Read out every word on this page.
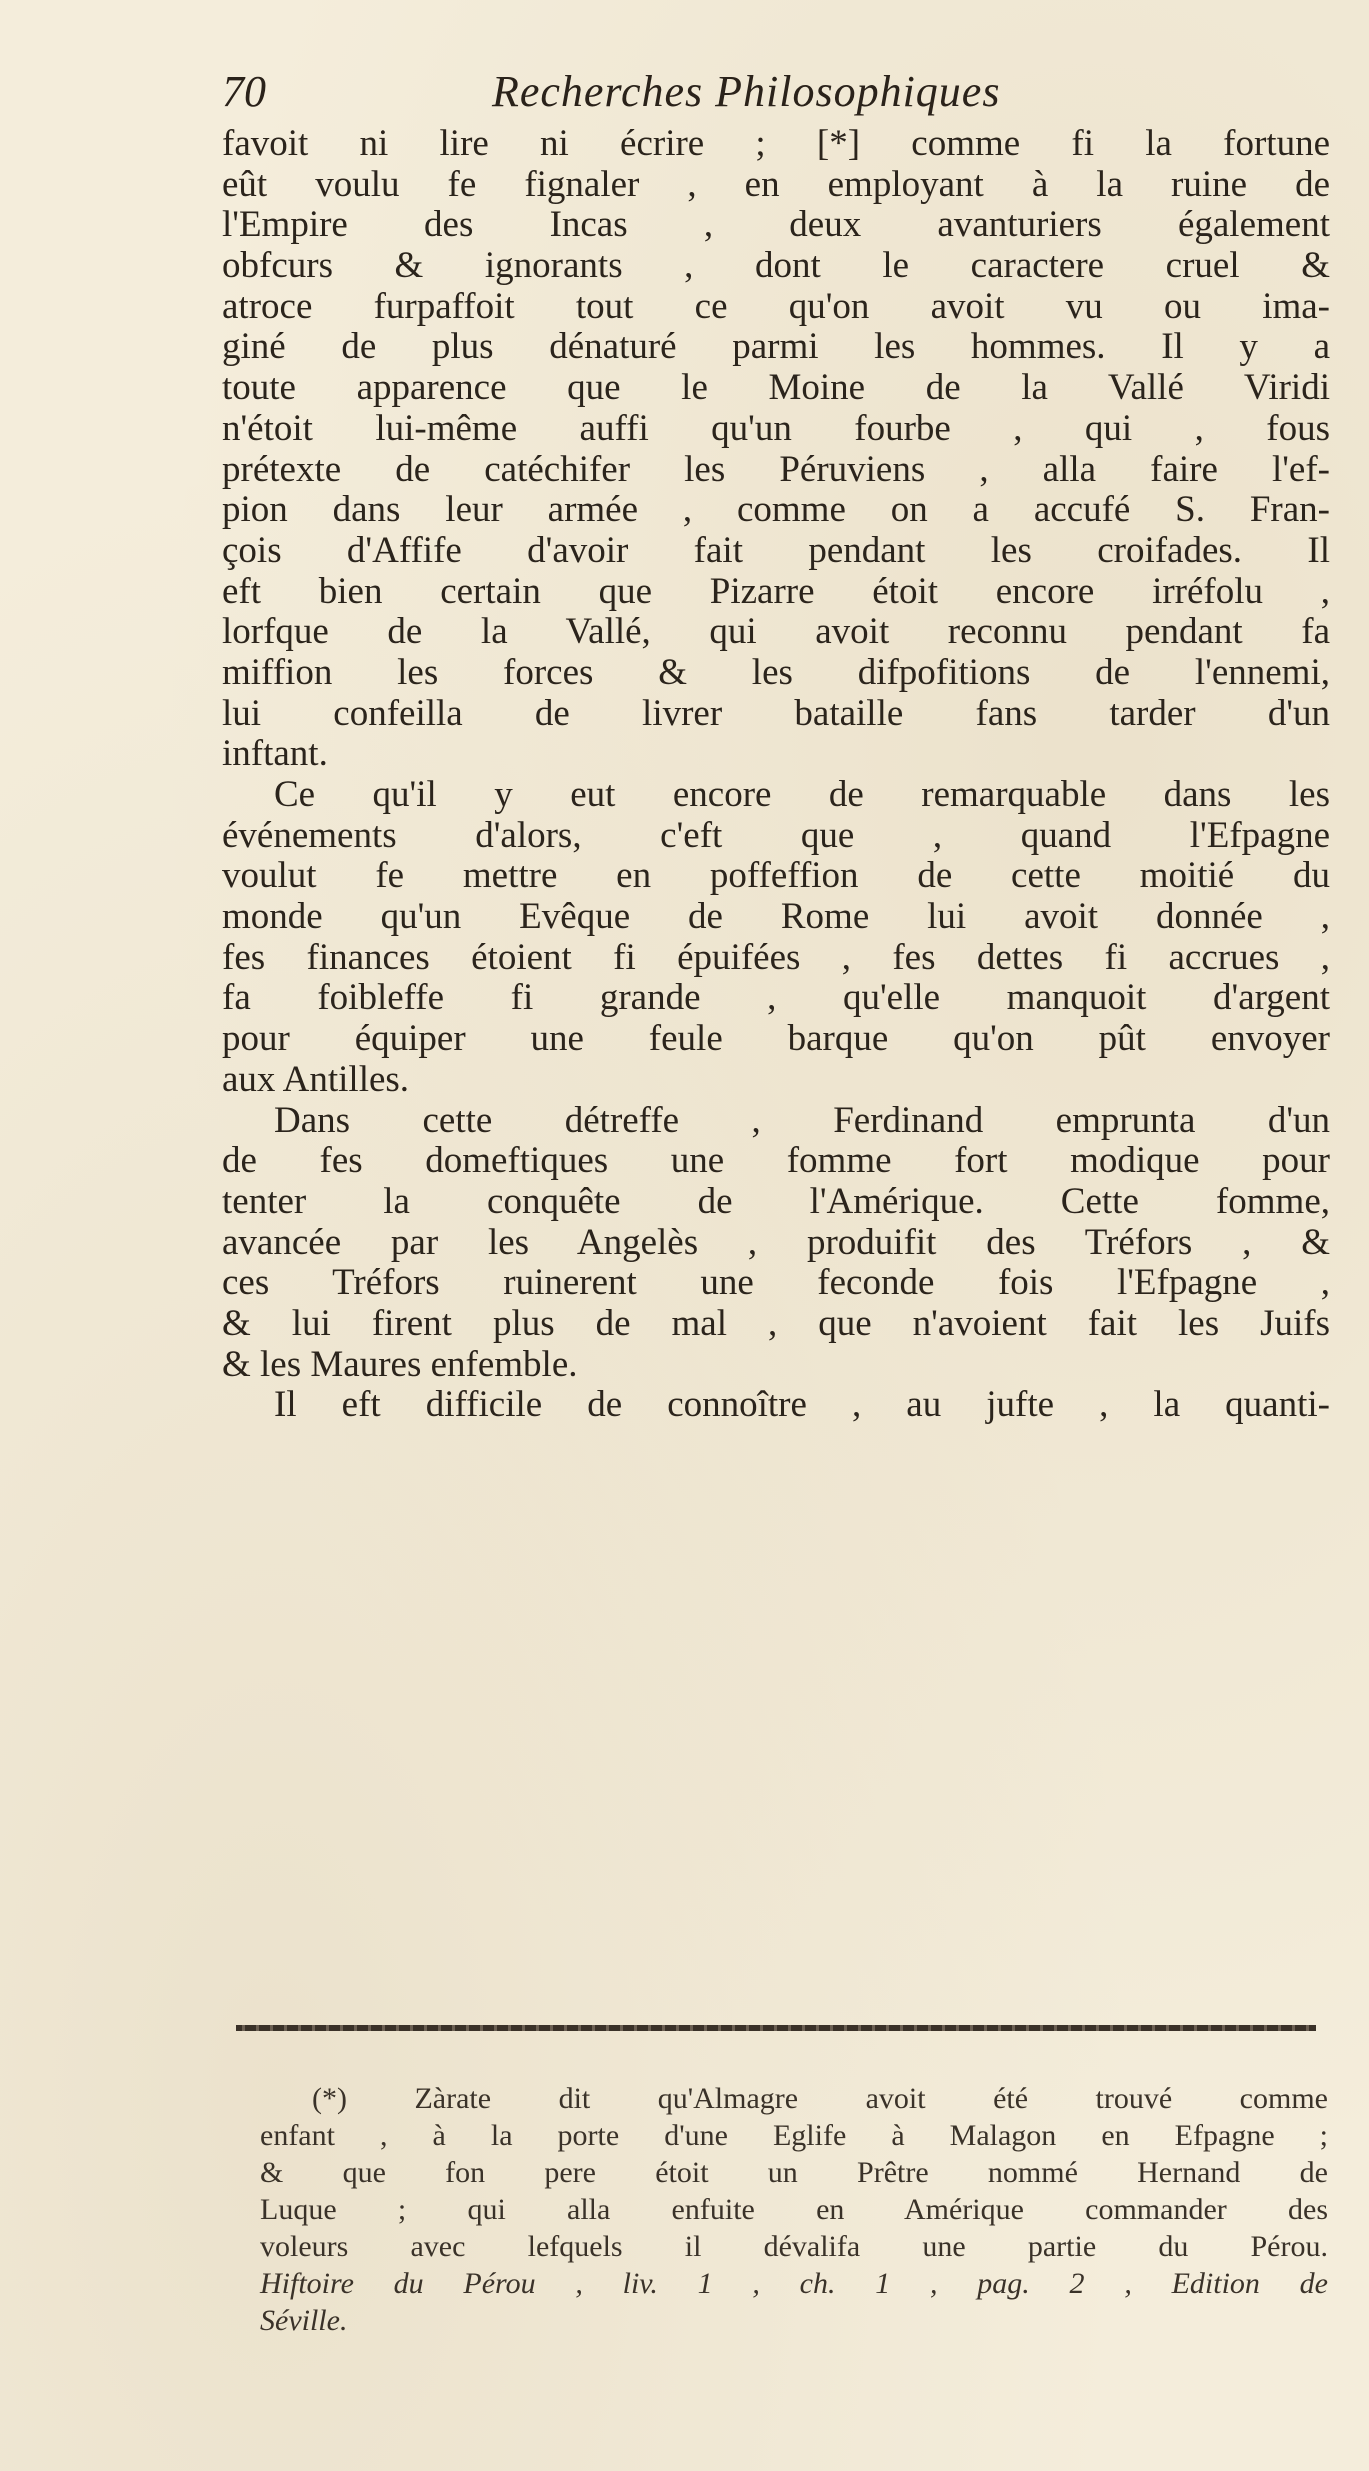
70	Recherches Philosophiques
favoit ni lire ni écrire ; [*] comme fi la fortune
eût voulu fe fignaler , en employant à la ruine de
l'Empire des Incas , deux avanturiers également
obfcurs & ignorants , dont le caractere cruel &
atroce furpaffoit tout ce qu'on avoit vu ou ima-
giné de plus dénaturé parmi les hommes. Il y a
toute apparence que le Moine de la Vallé Viridi
n'étoit lui-même auffi qu'un fourbe , qui , fous
prétexte de catéchifer les Péruviens , alla faire l'ef-
pion dans leur armée , comme on a accufé S. Fran-
çois d'Affife d'avoir fait pendant les croifades. Il
eft bien certain que Pizarre étoit encore irréfolu ,
lorfque de la Vallé, qui avoit reconnu pendant fa
miffion les forces & les difpofitions de l'ennemi,
lui confeilla de livrer bataille fans tarder d'un
inftant.
Ce qu'il y eut encore de remarquable dans les
événements d'alors, c'eft que , quand l'Efpagne
voulut fe mettre en poffeffion de cette moitié du
monde qu'un Evêque de Rome lui avoit donnée ,
fes finances étoient fi épuifées , fes dettes fi accrues ,
fa foibleffe fi grande , qu'elle manquoit d'argent
pour équiper une feule barque qu'on pût envoyer
aux Antilles.
Dans cette détreffe , Ferdinand emprunta d'un
de fes domeftiques une fomme fort modique pour
tenter la conquête de l'Amérique. Cette fomme,
avancée par les Angelès , produifit des Tréfors , &
ces Tréfors ruinerent une feconde fois l'Efpagne ,
& lui firent plus de mal , que n'avoient fait les Juifs
& les Maures enfemble.
Il eft difficile de connoître , au jufte , la quanti-
(*) Zàrate dit qu'Almagre avoit été trouvé comme
enfant , à la porte d'une Eglife à Malagon en Efpagne ;
& que fon pere étoit un Prêtre nommé Hernand de
Luque ; qui alla enfuite en Amérique commander des
voleurs avec lefquels il dévalifa une partie du Pérou.
Hiftoire du Pérou , liv. 1 , ch. 1 , pag. 2 , Edition de
Séville.
